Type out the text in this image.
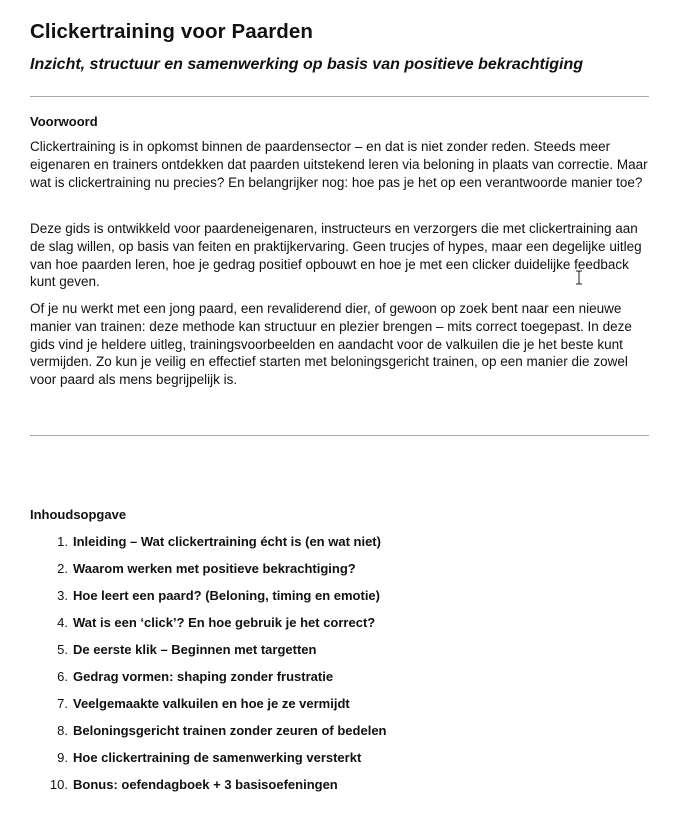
Clickertraining voor Paarden
Inzicht, structuur en samenwerking op basis van positieve bekrachtiging
Voorwoord

Clickertraining is in opkomst binnen de paardensector – en dat is niet zonder reden. Steeds meer eigenaren en trainers ontdekken dat paarden uitstekend leren via beloning in plaats van correctie. Maar wat is clickertraining nu precies? En belangrijker nog: hoe pas je het op een verantwoorde manier toe?

Deze gids is ontwikkeld voor paardeneigenaren, instructeurs en verzorgers die met clickertraining aan de slag willen, op basis van feiten en praktijkervaring. Geen trucjes of hypes, maar een degelijke uitleg van hoe paarden leren, hoe je gedrag positief opbouwt en hoe je met een clicker duidelijke feedback kunt geven.

Of je nu werkt met een jong paard, een revaliderend dier, of gewoon op zoek bent naar een nieuwe manier van trainen: deze methode kan structuur en plezier brengen – mits correct toegepast. In deze gids vind je heldere uitleg, trainingsvoorbeelden en aandacht voor de valkuilen die je het beste kunt vermijden. Zo kun je veilig en effectief starten met beloningsgericht trainen, op een manier die zowel voor paard als mens begrijpelijk is.

Inhoudsopgave
1. Inleiding – Wat clickertraining écht is (en wat niet)
2. Waarom werken met positieve bekrachtiging?
3. Hoe leert een paard? (Beloning, timing en emotie)
4. Wat is een ‘click’? En hoe gebruik je het correct?
5. De eerste klik – Beginnen met targetten
6. Gedrag vormen: shaping zonder frustratie
7. Veelgemaakte valkuilen en hoe je ze vermijdt
8. Beloningsgericht trainen zonder zeuren of bedelen
9. Hoe clickertraining de samenwerking versterkt
10. Bonus: oefendagboek + 3 basisoefeningen
